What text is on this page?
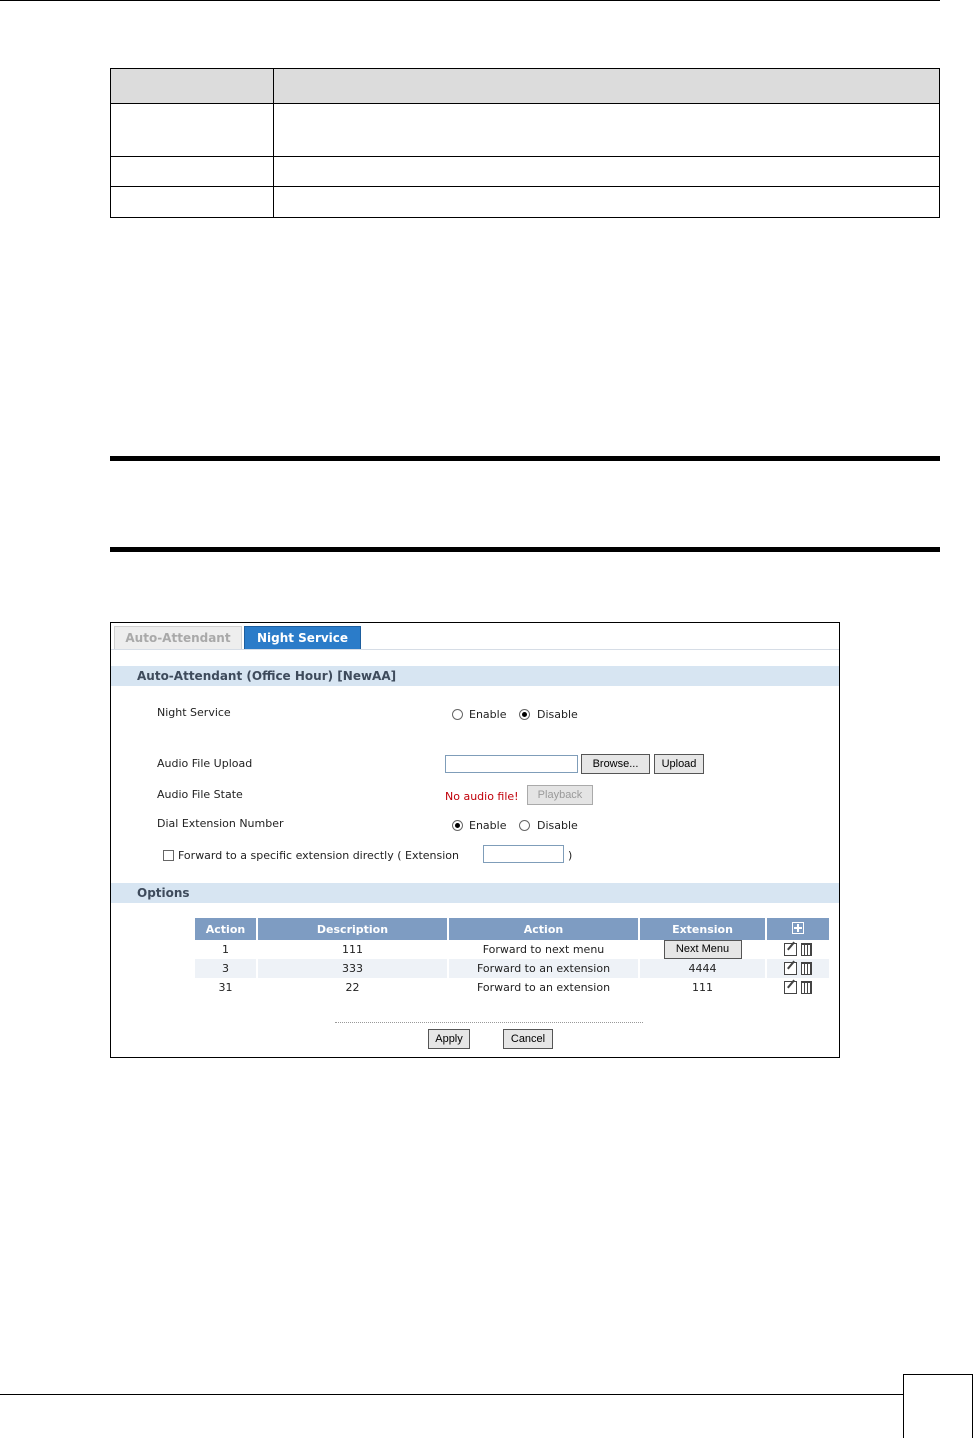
Auto-Attendant	Night Service
Auto-Attendant (Office Hour) [NewAA]
Night Service	Enable	Disable
Audio File Upload	Browse...	Upload
Audio File State	No audio file!	Playback
Dial Extension Number	Enable	Disable
Forward to a specific extension directly ( Extension	)
Options
Action	Description	Action	Extension	
1	111	Forward to next menu	Next Menu	
3	333	Forward to an extension	4444	
31	22	Forward to an extension	111	
Apply	Cancel
